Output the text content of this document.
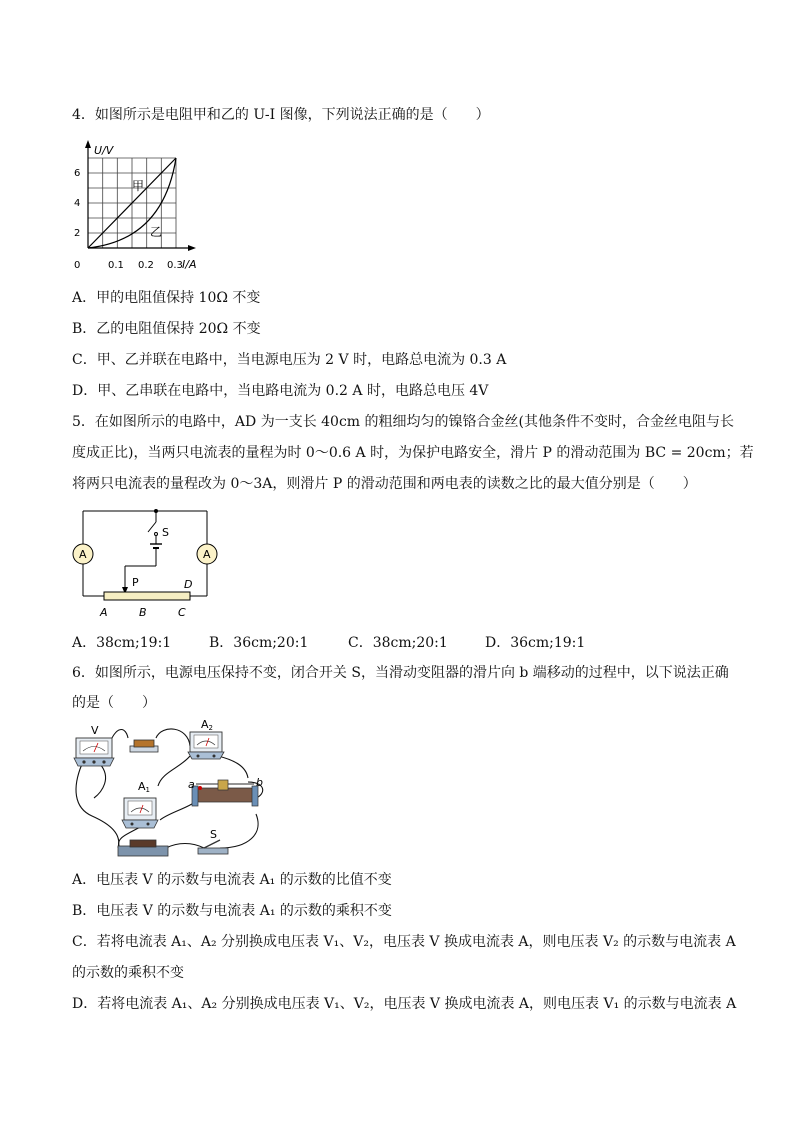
4．如图所示是电阻甲和乙的 U-I 图像，下列说法正确的是（　　）
U/V
I/A
0
2
4
6
0.1 0.2 0.3
甲
乙
A．甲的电阻值保持 10Ω 不变
B．乙的电阻值保持 20Ω 不变
C．甲、乙并联在电路中，当电源电压为 2 V 时，电路总电流为 0.3 A
D．甲、乙串联在电路中，当电路电流为 0.2 A 时，电路总电压 4V
5．在如图所示的电路中，AD 为一支长 40cm 的粗细均匀的镍铬合金丝(其他条件不变时，合金丝电阻与长
度成正比)，当两只电流表的量程为时 0～0.6 A 时，为保护电路安全，滑片 P 的滑动范围为 BC = 20cm；若
将两只电流表的量程改为 0～3A，则滑片 P 的滑动范围和两电表的读数之比的最大值分别是（　　）
A	A
S
P	D
A	B	C
A．38cm;19:1	B．36cm;20:1	C．38cm;20:1	D．36cm;19:1
6．如图所示，电源电压保持不变，闭合开关 S，当滑动变阻器的滑片向 b 端移动的过程中，以下说法正确
的是（　　）
V	A2
A1	a	b
S
A．电压表 V 的示数与电流表 A₁ 的示数的比值不变
B．电压表 V 的示数与电流表 A₁ 的示数的乘积不变
C．若将电流表 A₁、A₂ 分别换成电压表 V₁、V₂，电压表 V 换成电流表 A，则电压表 V₂ 的示数与电流表 A
的示数的乘积不变
D．若将电流表 A₁、A₂ 分别换成电压表 V₁、V₂，电压表 V 换成电流表 A，则电压表 V₁ 的示数与电流表 A
